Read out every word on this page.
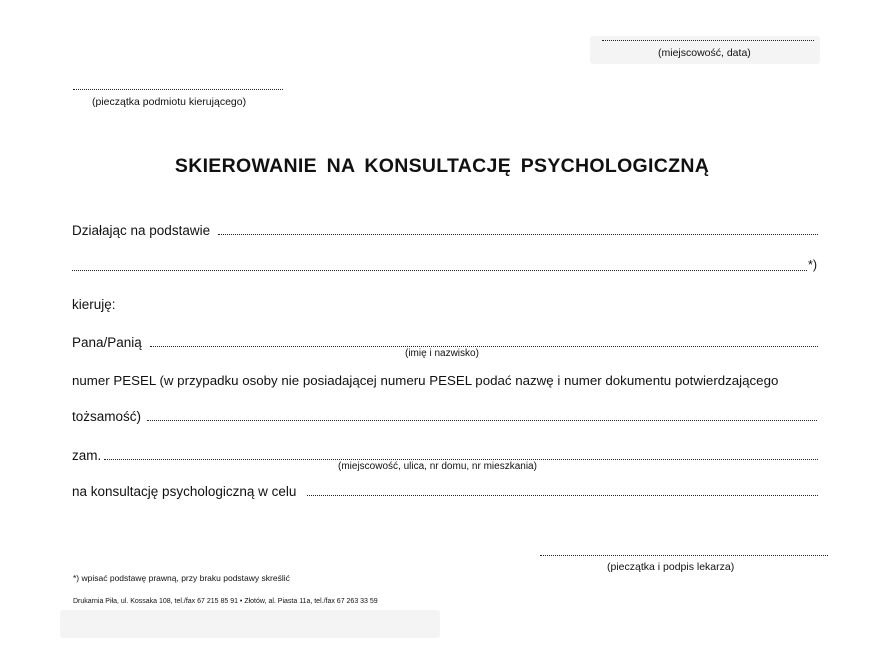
(miejscowość, data)
(pieczątka podmiotu kierującego)
SKIEROWANIE NA KONSULTACJĘ PSYCHOLOGICZNĄ
Działając na podstawie
*)
kieruję:
Pana/Panią
(imię i nazwisko)
numer PESEL (w przypadku osoby nie posiadającej numeru PESEL podać nazwę i numer dokumentu potwierdzającego
tożsamość)
zam.
(miejscowość, ulica, nr domu, nr mieszkania)
na konsultację psychologiczną w celu
(pieczątka i podpis lekarza)
*) wpisać podstawę prawną, przy braku podstawy skreślić
Drukarnia Piła, ul. Kossaka 108, tel./fax 67 215 85 91 • Złotów, al. Piasta 11a, tel./fax 67 263 33 59
